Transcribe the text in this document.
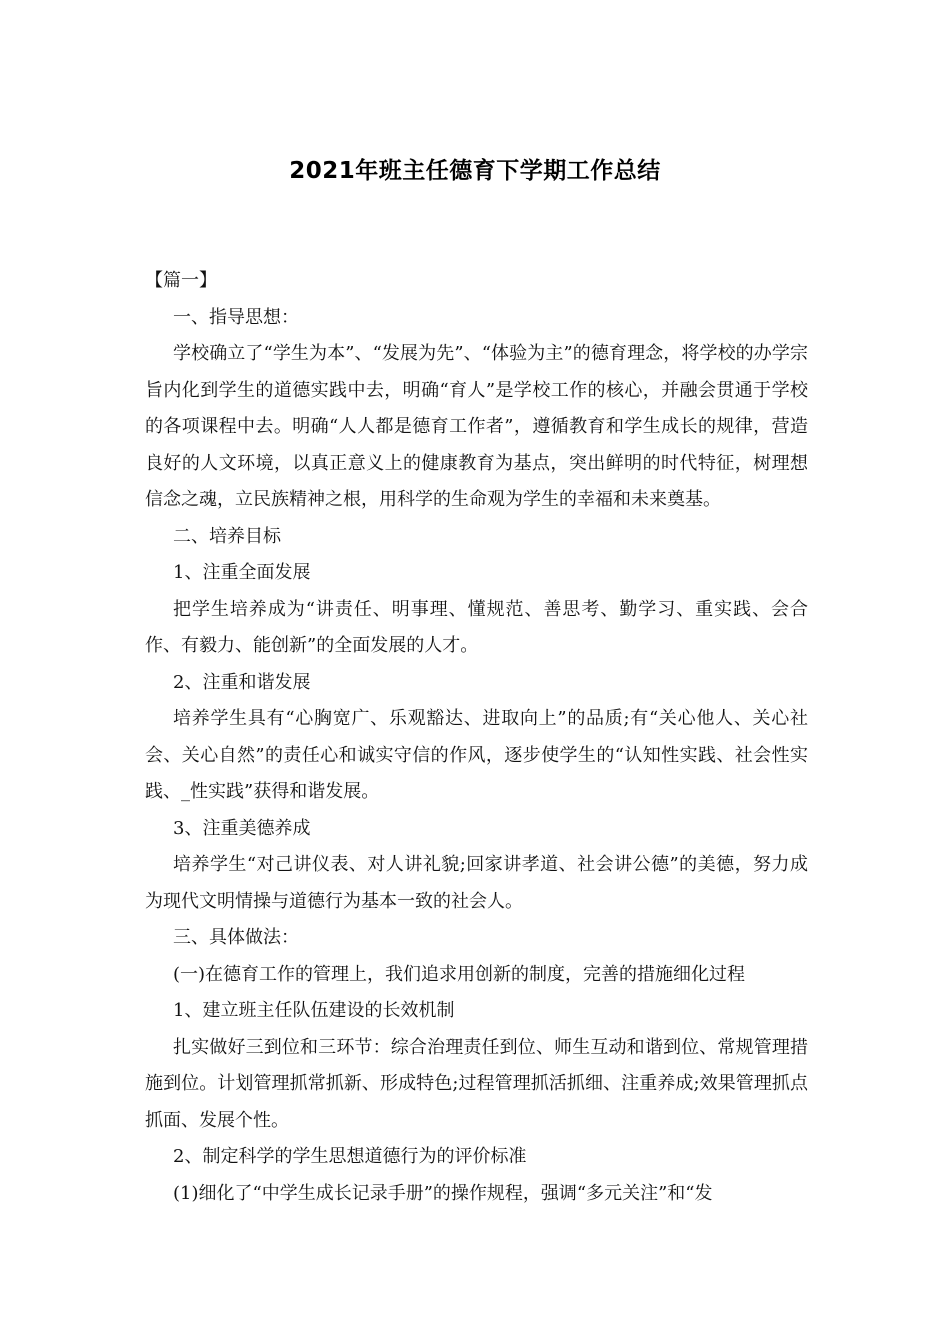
2021年班主任德育下学期工作总结

【篇一】

一、指导思想：

学校确立了“学生为本”、“发展为先”、“体验为主”的德育理念，将学校的办学宗旨内化到学生的道德实践中去，明确“育人”是学校工作的核心，并融会贯通于学校的各项课程中去。明确“人人都是德育工作者”，遵循教育和学生成长的规律，营造良好的人文环境，以真正意义上的健康教育为基点，突出鲜明的时代特征，树理想信念之魂，立民族精神之根，用科学的生命观为学生的幸福和未来奠基。

二、培养目标

1、注重全面发展

把学生培养成为“讲责任、明事理、懂规范、善思考、勤学习、重实践、会合作、有毅力、能创新”的全面发展的人才。

2、注重和谐发展

培养学生具有“心胸宽广、乐观豁达、进取向上”的品质;有“关心他人、关心社会、关心自然”的责任心和诚实守信的作风，逐步使学生的“认知性实践、社会性实践、_性实践”获得和谐发展。

3、注重美德养成

培养学生“对己讲仪表、对人讲礼貌;回家讲孝道、社会讲公德”的美德，努力成为现代文明情操与道德行为基本一致的社会人。

三、具体做法：

(一)在德育工作的管理上，我们追求用创新的制度，完善的措施细化过程

1、建立班主任队伍建设的长效机制

扎实做好三到位和三环节：综合治理责任到位、师生互动和谐到位、常规管理措施到位。计划管理抓常抓新、形成特色;过程管理抓活抓细、注重养成;效果管理抓点抓面、发展个性。

2、制定科学的学生思想道德行为的评价标准

(1)细化了“中学生成长记录手册”的操作规程，强调“多元关注”和“发
